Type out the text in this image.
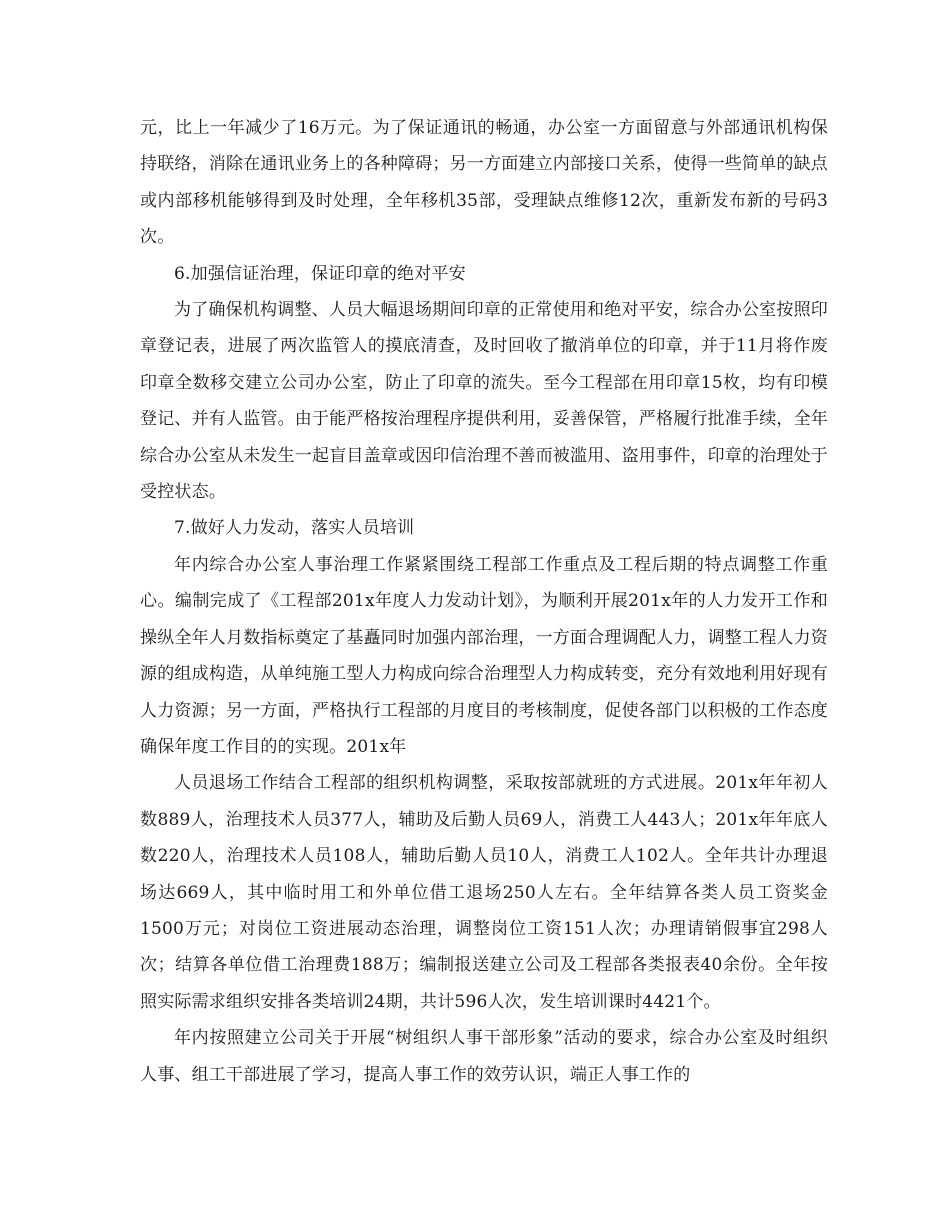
元，比上一年减少了16万元。为了保证通讯的畅通，办公室一方面留意与外部通讯机构保持联络，消除在通讯业务上的各种障碍；另一方面建立内部接口关系，使得一些简单的缺点或内部移机能够得到及时处理，全年移机35部，受理缺点维修12次，重新发布新的号码3次。

6.加强信证治理，保证印章的绝对平安

为了确保机构调整、人员大幅退场期间印章的正常使用和绝对平安，综合办公室按照印章登记表，进展了两次监管人的摸底清查，及时回收了撤消单位的印章，并于11月将作废印章全数移交建立公司办公室，防止了印章的流失。至今工程部在用印章15枚，均有印模登记、并有人监管。由于能严格按治理程序提供利用，妥善保管，严格履行批准手续，全年综合办公室从未发生一起盲目盖章或因印信治理不善而被滥用、盗用事件，印章的治理处于受控状态。

7.做好人力发动，落实人员培训

年内综合办公室人事治理工作紧紧围绕工程部工作重点及工程后期的特点调整工作重心。编制完成了《工程部201x年度人力发动计划》，为顺利开展201x年的人力发开工作和操纵全年人月数指标奠定了基矗同时加强内部治理，一方面合理调配人力，调整工程人力资源的组成构造，从单纯施工型人力构成向综合治理型人力构成转变，充分有效地利用好现有人力资源；另一方面，严格执行工程部的月度目的考核制度，促使各部门以积极的工作态度确保年度工作目的的实现。201x年

人员退场工作结合工程部的组织机构调整，采取按部就班的方式进展。201x年年初人数889人，治理技术人员377人，辅助及后勤人员69人，消费工人443人；201x年年底人数220人，治理技术人员108人，辅助后勤人员10人，消费工人102人。全年共计办理退场达669人，其中临时用工和外单位借工退场250人左右。全年结算各类人员工资奖金1500万元；对岗位工资进展动态治理，调整岗位工资151人次；办理请销假事宜298人次；结算各单位借工治理费188万；编制报送建立公司及工程部各类报表40余份。全年按照实际需求组织安排各类培训24期，共计596人次，发生培训课时4421个。

年内按照建立公司关于开展“树组织人事干部形象”活动的要求，综合办公室及时组织人事、组工干部进展了学习，提高人事工作的效劳认识，端正人事工作的
